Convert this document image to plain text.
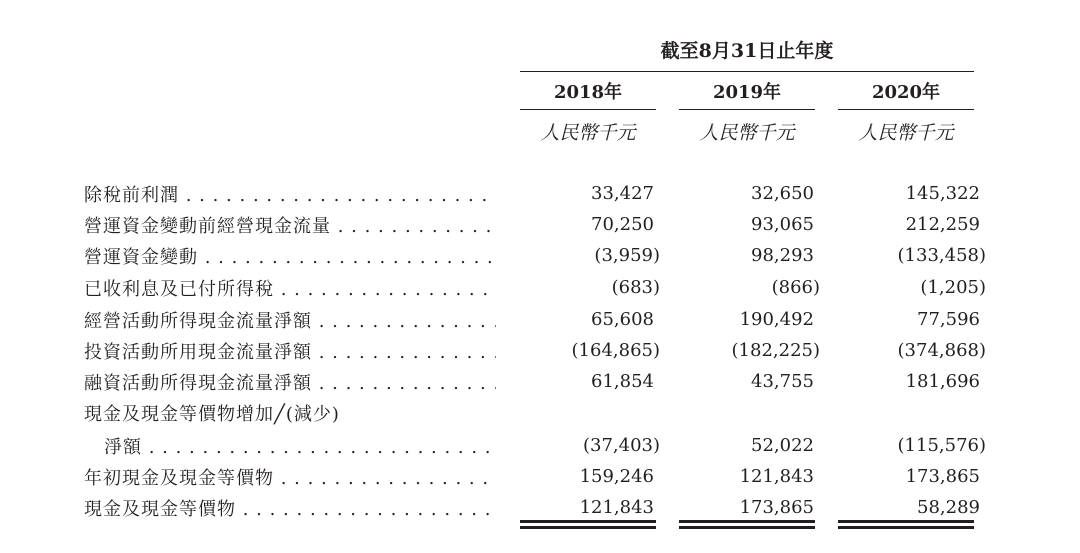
截至8月31日止年度
2018年	2019年	2020年
人民幣千元	人民幣千元	人民幣千元
除稅前利潤 . . .	33,427	32,650	145,322
營運資金變動前經營現金流量 . . .	70,250	93,065	212,259
營運資金變動 . . .	(3,959)	98,293	(133,458)
已收利息及已付所得稅 . . .	(683)	(866)	(1,205)
經營活動所得現金流量淨額 . . .	65,608	190,492	77,596
投資活動所用現金流量淨額 . . .	(164,865)	(182,225)	(374,868)
融資活動所得現金流量淨額 . . .	61,854	43,755	181,696
現金及現金等價物增加╱(減少)
淨額 . . .	(37,403)	52,022	(115,576)
年初現金及現金等價物 . . .	159,246	121,843	173,865
現金及現金等價物 . . .	121,843	173,865	58,289
